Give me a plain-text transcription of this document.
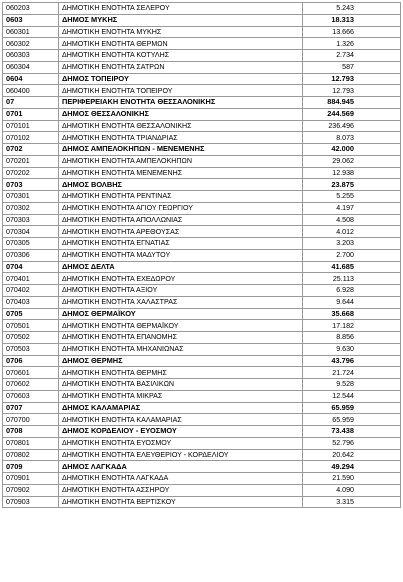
060203	ΔΗΜΟΤΙΚΗ ΕΝΟΤΗΤΑ ΣΕΛΕΡΟΥ	5.243
0603	ΔΗΜΟΣ ΜΥΚΗΣ	18.313
060301	ΔΗΜΟΤΙΚΗ ΕΝΟΤΗΤΑ ΜΥΚΗΣ	13.666
060302	ΔΗΜΟΤΙΚΗ ΕΝΟΤΗΤΑ ΘΕΡΜΩΝ	1.326
060303	ΔΗΜΟΤΙΚΗ ΕΝΟΤΗΤΑ ΚΟΤΥΛΗΣ	2.734
060304	ΔΗΜΟΤΙΚΗ ΕΝΟΤΗΤΑ ΣΑΤΡΩΝ	587
0604	ΔΗΜΟΣ ΤΟΠΕΙΡΟΥ	12.793
060400	ΔΗΜΟΤΙΚΗ ΕΝΟΤΗΤΑ ΤΟΠΕΙΡΟΥ	12.793
07	ΠΕΡΙΦΕΡΕΙΑΚΗ ΕΝΟΤΗΤΑ ΘΕΣΣΑΛΟΝΙΚΗΣ	884.945
0701	ΔΗΜΟΣ ΘΕΣΣΑΛΟΝΙΚΗΣ	244.569
070101	ΔΗΜΟΤΙΚΗ ΕΝΟΤΗΤΑ ΘΕΣΣΑΛΟΝΙΚΗΣ	236.496
070102	ΔΗΜΟΤΙΚΗ ΕΝΟΤΗΤΑ ΤΡΙΑΝΔΡΙΑΣ	8.073
0702	ΔΗΜΟΣ ΑΜΠΕΛΟΚΗΠΩΝ - ΜΕΝΕΜΕΝΗΣ	42.000
070201	ΔΗΜΟΤΙΚΗ ΕΝΟΤΗΤΑ ΑΜΠΕΛΟΚΗΠΩΝ	29.062
070202	ΔΗΜΟΤΙΚΗ ΕΝΟΤΗΤΑ ΜΕΝΕΜΕΝΗΣ	12.938
0703	ΔΗΜΟΣ ΒΟΛΒΗΣ	23.875
070301	ΔΗΜΟΤΙΚΗ ΕΝΟΤΗΤΑ ΡΕΝΤΙΝΑΣ	5.255
070302	ΔΗΜΟΤΙΚΗ ΕΝΟΤΗΤΑ ΑΓΙΟΥ ΓΕΩΡΓΙΟΥ	4.197
070303	ΔΗΜΟΤΙΚΗ ΕΝΟΤΗΤΑ ΑΠΟΛΛΩΝΙΑΣ	4.508
070304	ΔΗΜΟΤΙΚΗ ΕΝΟΤΗΤΑ ΑΡΕΘΟΥΣΑΣ	4.012
070305	ΔΗΜΟΤΙΚΗ ΕΝΟΤΗΤΑ ΕΓΝΑΤΙΑΣ	3.203
070306	ΔΗΜΟΤΙΚΗ ΕΝΟΤΗΤΑ ΜΑΔΥΤΟΥ	2.700
0704	ΔΗΜΟΣ ΔΕΛΤΑ	41.685
070401	ΔΗΜΟΤΙΚΗ ΕΝΟΤΗΤΑ ΕΧΕΔΩΡΟΥ	25.113
070402	ΔΗΜΟΤΙΚΗ ΕΝΟΤΗΤΑ ΑΞΙΟΥ	6.928
070403	ΔΗΜΟΤΙΚΗ ΕΝΟΤΗΤΑ ΧΑΛΑΣΤΡΑΣ	9.644
0705	ΔΗΜΟΣ ΘΕΡΜΑΪΚΟΥ	35.668
070501	ΔΗΜΟΤΙΚΗ ΕΝΟΤΗΤΑ ΘΕΡΜΑΪΚΟΥ	17.182
070502	ΔΗΜΟΤΙΚΗ ΕΝΟΤΗΤΑ ΕΠΑΝΟΜΗΣ	8.856
070503	ΔΗΜΟΤΙΚΗ ΕΝΟΤΗΤΑ ΜΗΧΑΝΙΩΝΑΣ	9.630
0706	ΔΗΜΟΣ ΘΕΡΜΗΣ	43.796
070601	ΔΗΜΟΤΙΚΗ ΕΝΟΤΗΤΑ ΘΕΡΜΗΣ	21.724
070602	ΔΗΜΟΤΙΚΗ ΕΝΟΤΗΤΑ ΒΑΣΙΛΙΚΩΝ	9.528
070603	ΔΗΜΟΤΙΚΗ ΕΝΟΤΗΤΑ ΜΙΚΡΑΣ	12.544
0707	ΔΗΜΟΣ ΚΑΛΑΜΑΡΙΑΣ	65.959
070700	ΔΗΜΟΤΙΚΗ ΕΝΟΤΗΤΑ ΚΑΛΑΜΑΡΙΑΣ	65.959
0708	ΔΗΜΟΣ ΚΟΡΔΕΛΙΟΥ - ΕΥΟΣΜΟΥ	73.438
070801	ΔΗΜΟΤΙΚΗ ΕΝΟΤΗΤΑ ΕΥΟΣΜΟΥ	52.796
070802	ΔΗΜΟΤΙΚΗ ΕΝΟΤΗΤΑ ΕΛΕΥΘΕΡΙΟΥ - ΚΟΡΔΕΛΙΟΥ	20.642
0709	ΔΗΜΟΣ ΛΑΓΚΑΔΑ	49.294
070901	ΔΗΜΟΤΙΚΗ ΕΝΟΤΗΤΑ ΛΑΓΚΑΔΑ	21.590
070902	ΔΗΜΟΤΙΚΗ ΕΝΟΤΗΤΑ ΑΣΣΗΡΟΥ	4.090
070903	ΔΗΜΟΤΙΚΗ ΕΝΟΤΗΤΑ ΒΕΡΤΙΣΚΟΥ	3.315
